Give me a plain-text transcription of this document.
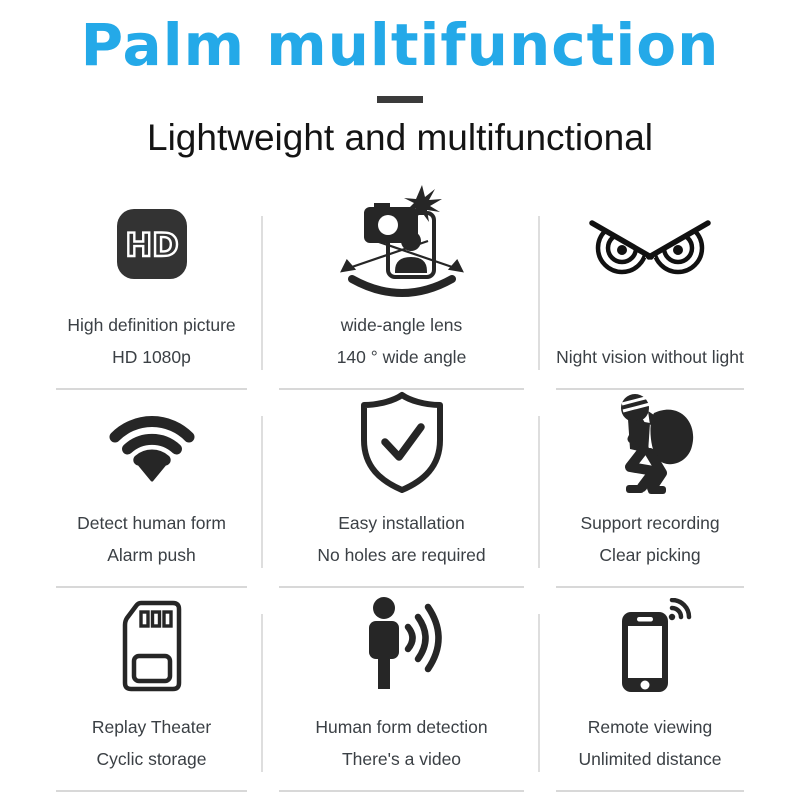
Palm multifunction
Lightweight and multifunctional
HD
High definition picture
HD 1080p
wide-angle lens
140 ° wide angle	Night vision without light
Detect human form
Alarm push
Easy installation
No holes are required
Support recording
Clear picking
Replay Theater
Cyclic storage
Human form detection
There's a video
Remote viewing
Unlimited distance
